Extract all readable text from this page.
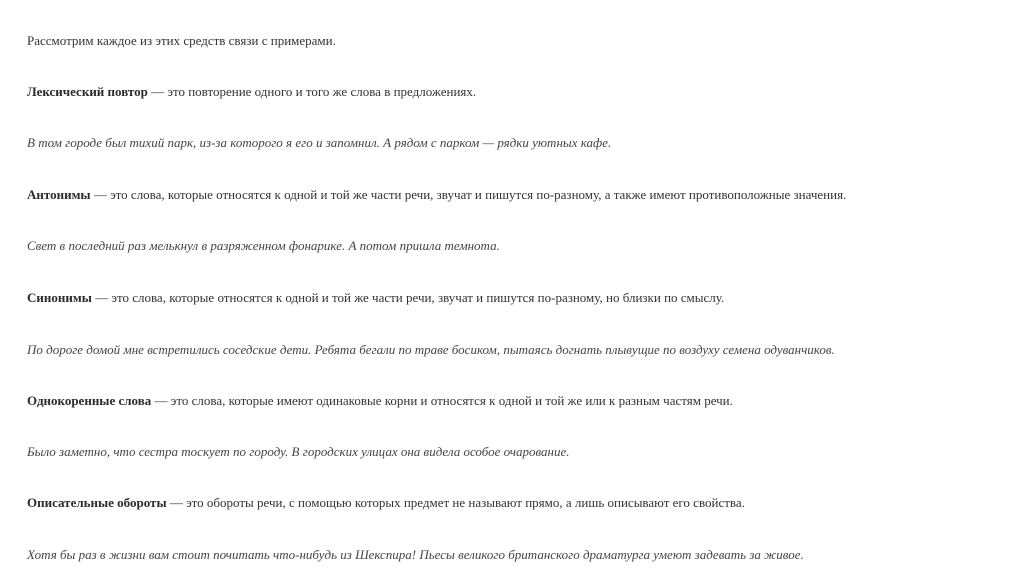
Рассмотрим каждое из этих средств связи с примерами.
Лексический повтор — это повторение одного и того же слова в предложениях.
В том городе был тихий парк, из-за которого я его и запомнил. А рядом с парком — рядки уютных кафе.
Антонимы — это слова, которые относятся к одной и той же части речи, звучат и пишутся по-разному, а также имеют противоположные значения.
Свет в последний раз мелькнул в разряженном фонарике. А потом пришла темнота.
Синонимы — это слова, которые относятся к одной и той же части речи, звучат и пишутся по-разному, но близки по смыслу.
По дороге домой мне встретились соседские дети. Ребята бегали по траве босиком, пытаясь догнать плывущие по воздуху семена одуванчиков.
Однокоренные слова — это слова, которые имеют одинаковые корни и относятся к одной и той же или к разным частям речи.
Было заметно, что сестра тоскует по городу. В городских улицах она видела особое очарование.
Описательные обороты — это обороты речи, с помощью которых предмет не называют прямо, а лишь описывают его свойства.
Хотя бы раз в жизни вам стоит почитать что-нибудь из Шекспира! Пьесы великого британского драматурга умеют задевать за живое.
